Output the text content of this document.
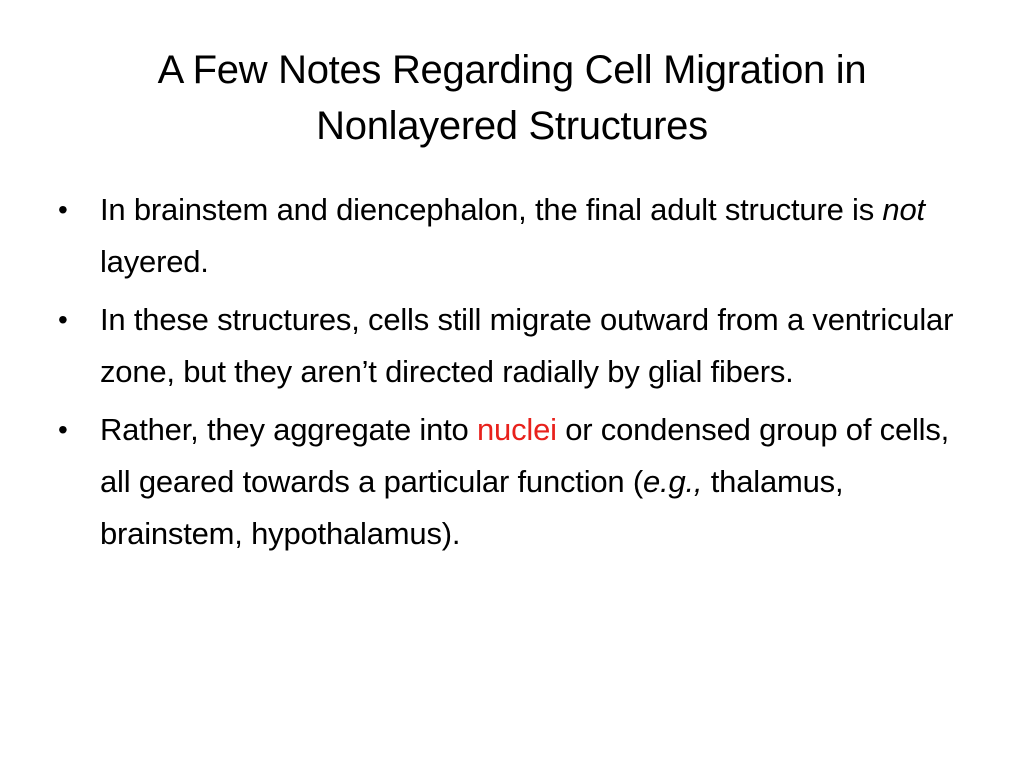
A Few Notes Regarding Cell Migration in Nonlayered Structures
• In brainstem and diencephalon, the final adult structure is not layered.
• In these structures, cells still migrate outward from a ventricular zone, but they aren’t directed radially by glial fibers.
• Rather, they aggregate into nuclei or condensed group of cells, all geared towards a particular function (e.g., thalamus, brainstem, hypothalamus).
